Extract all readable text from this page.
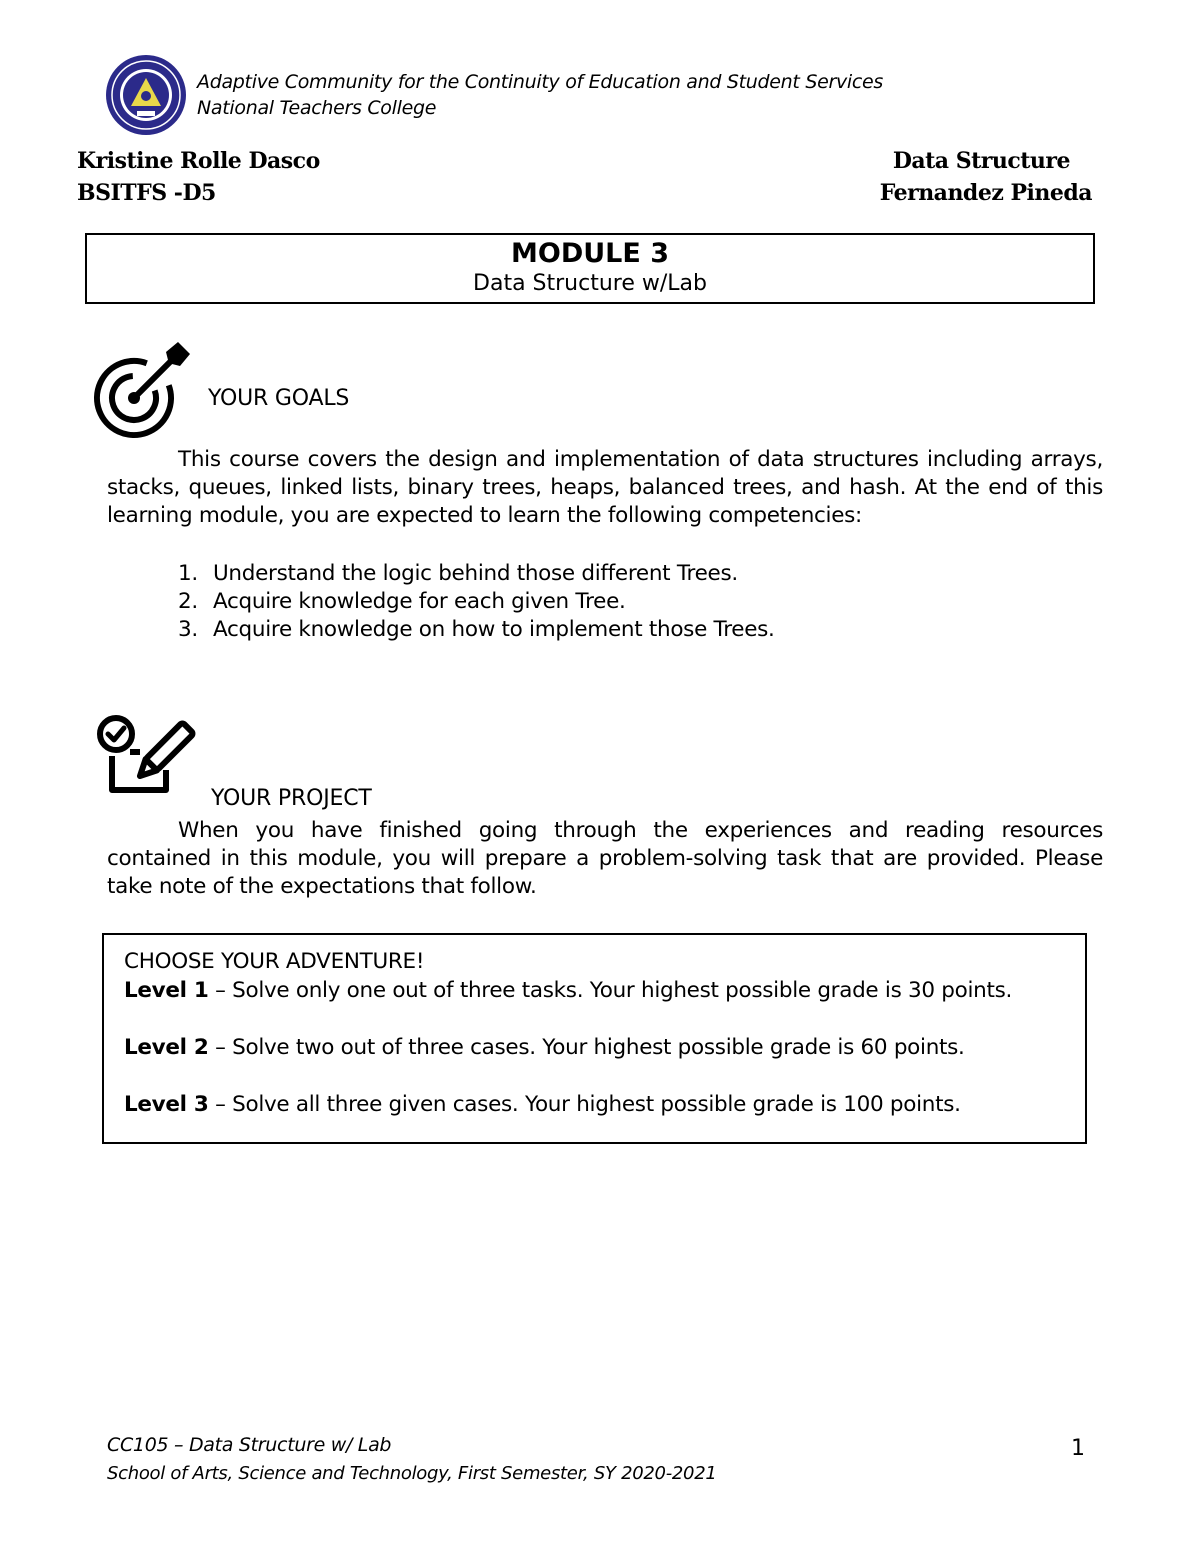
Adaptive Community for the Continuity of Education and Student Services
National Teachers College
Kristine Rolle Dasco
BSITFS -D5
Data Structure
Fernandez Pineda
MODULE 3
Data Structure w/Lab
YOUR GOALS

This course covers the design and implementation of data structures including arrays, stacks, queues, linked lists, binary trees, heaps, balanced trees, and hash. At the end of this learning module, you are expected to learn the following competencies:

1. Understand the logic behind those different Trees.
2. Acquire knowledge for each given Tree.
3. Acquire knowledge on how to implement those Trees.
YOUR PROJECT

When you have finished going through the experiences and reading resources contained in this module, you will prepare a problem-solving task that are provided. Please take note of the expectations that follow.

CHOOSE YOUR ADVENTURE!
Level 1 – Solve only one out of three tasks. Your highest possible grade is 30 points.
Level 2 – Solve two out of three cases. Your highest possible grade is 60 points.
Level 3 – Solve all three given cases. Your highest possible grade is 100 points.
CC105 – Data Structure w/ Lab
School of Arts, Science and Technology, First Semester, SY 2020-2021
1
